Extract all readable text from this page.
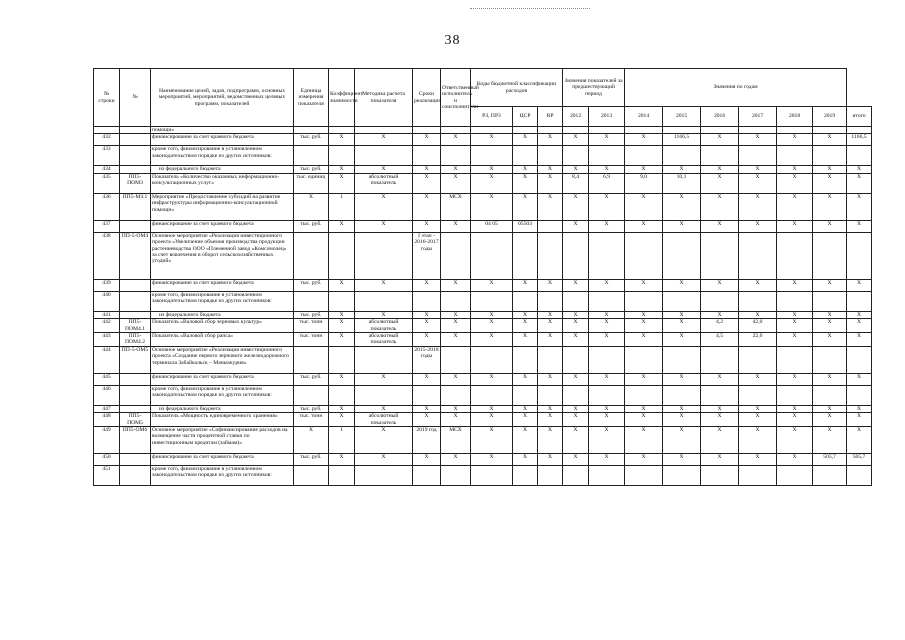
38
№ строки	№	Наименование целей, задач, подпрограмм, основных мероприятий, мероприятий, ведомственных целевых программ, показателей	Единица измерения показателя	Коэффициент значимости	Методика расчета показателя	Сроки реализации	Ответственный исполнитель и соисполнители	Коды бюджетной классификации расходов			Значения показателей за предшествующий период		Значения по годам						
								РЗ, ПР3	ЦСР	ВР	2012	2013	2014	2015	2016	2017	2018	2019	итого
		помощи»																	
432		финансирование за счет краевого бюджета	тыс. руб.	X	X	X	X	X	X	X	X	X	X	1166,5	X	X	X	X	1166,5
433		кроме того, финансирование в установленном законодательством порядке из других источников:																	
434		из федерального бюджета	тыс. руб.	X	X	X	X	X	X	X	X	X	X	X	X	X	X	X	X
435	ПП5-ПОМ3	Показатель «Количество оказанных информационно-консультационных услуг»	тыс. единиц	X	абсолютный показатель	X	X	X	X	X	8,4	6,9	9,0	10,1	X	X	X	X	X
436	ПП5-МЗ.1	Мероприятие «Предоставление субсидий на развитие инфраструктуры информационно-консультационной помощи»	X	1	X	X	МСХ	X	X	X	X	X	X	X	X	X	X	X	X
437		финансирование за счет краевого бюджета	тыс. руб.	X	X	X	X	04 05	05503		X	X	X	X	X	X	X	X	X
438	ПП-5-ОМ4	Основное мероприятие «Реализация инвестиционного проекта «Увеличение объемов производства продукции растениеводства ООО «Племенной завод «Комсомолец» за счет вовлечения в оборот сельскохозяйственных угодий»				I этап - 2016-2017 годы													
439		финансирование за счет краевого бюджета	тыс. руб.	X	X	X	X	X	X	X	X	X	X	X	X	X	X	X	X
440		кроме того, финансирование в установленном законодательством порядке из других источников:																	
441		из федерального бюджета	тыс. руб.	X	X	X	X	X	X	X	X	X	X	X	X	X	X	X	X
442	ПП5-ПОМ4.1	Показатель «Валовой сбор зерновых культур»	тыс. тонн	X	абсолютный показатель	X	X	X	X	X	X	X	X	X	4,2	42,0	X	X	X
443	ПП5-ПОМ4.2	Показатель «Валовой сбор рапса»	тыс. тонн	X	абсолютный показатель	X	X	X	X	X	X	X	X	X	4,5	22,6	X	X	X
444	ПП-5-ОМ5	Основное мероприятие «Реализация инвестиционного проекта «Создание первого зернового железнодорожного терминала Забайкальск – Маньчжурия»				2015-2018 годы													
445		финансирование за счет краевого бюджета	тыс. руб.	X	X	X	X	X	X	X	X	X	X	X	X	X	X	X	X
446		кроме того, финансирование в установленном законодательством порядке из других источников:																	
447		из федерального бюджета	тыс. руб.	X	X	X	X	X	X	X	X	X	X	X	X	X	X	X	X
448	ПП5-ПОМ5	Показатель «Мощность единовременного хранения»	тыс. тонн	X	абсолютный показатель	X	X	X	X	X	X	X	X	X	X	X	X	X	X
449	ПП5-ОМ6	Основное мероприятие «Софинансирование расходов на возмещение части процентной ставки по инвестиционным кредитам (займам)»	X	1	X	2019 год	МСХ	X	X	X	X	X	X	X	X	X	X	X	X
450		финансирование за счет краевого бюджета	тыс. руб.	X	X	X	X	X	X	X	X	X	X	X	X	X	X	505,7	505,7
451		кроме того, финансирование в установленном законодательством порядке из других источников:																	
